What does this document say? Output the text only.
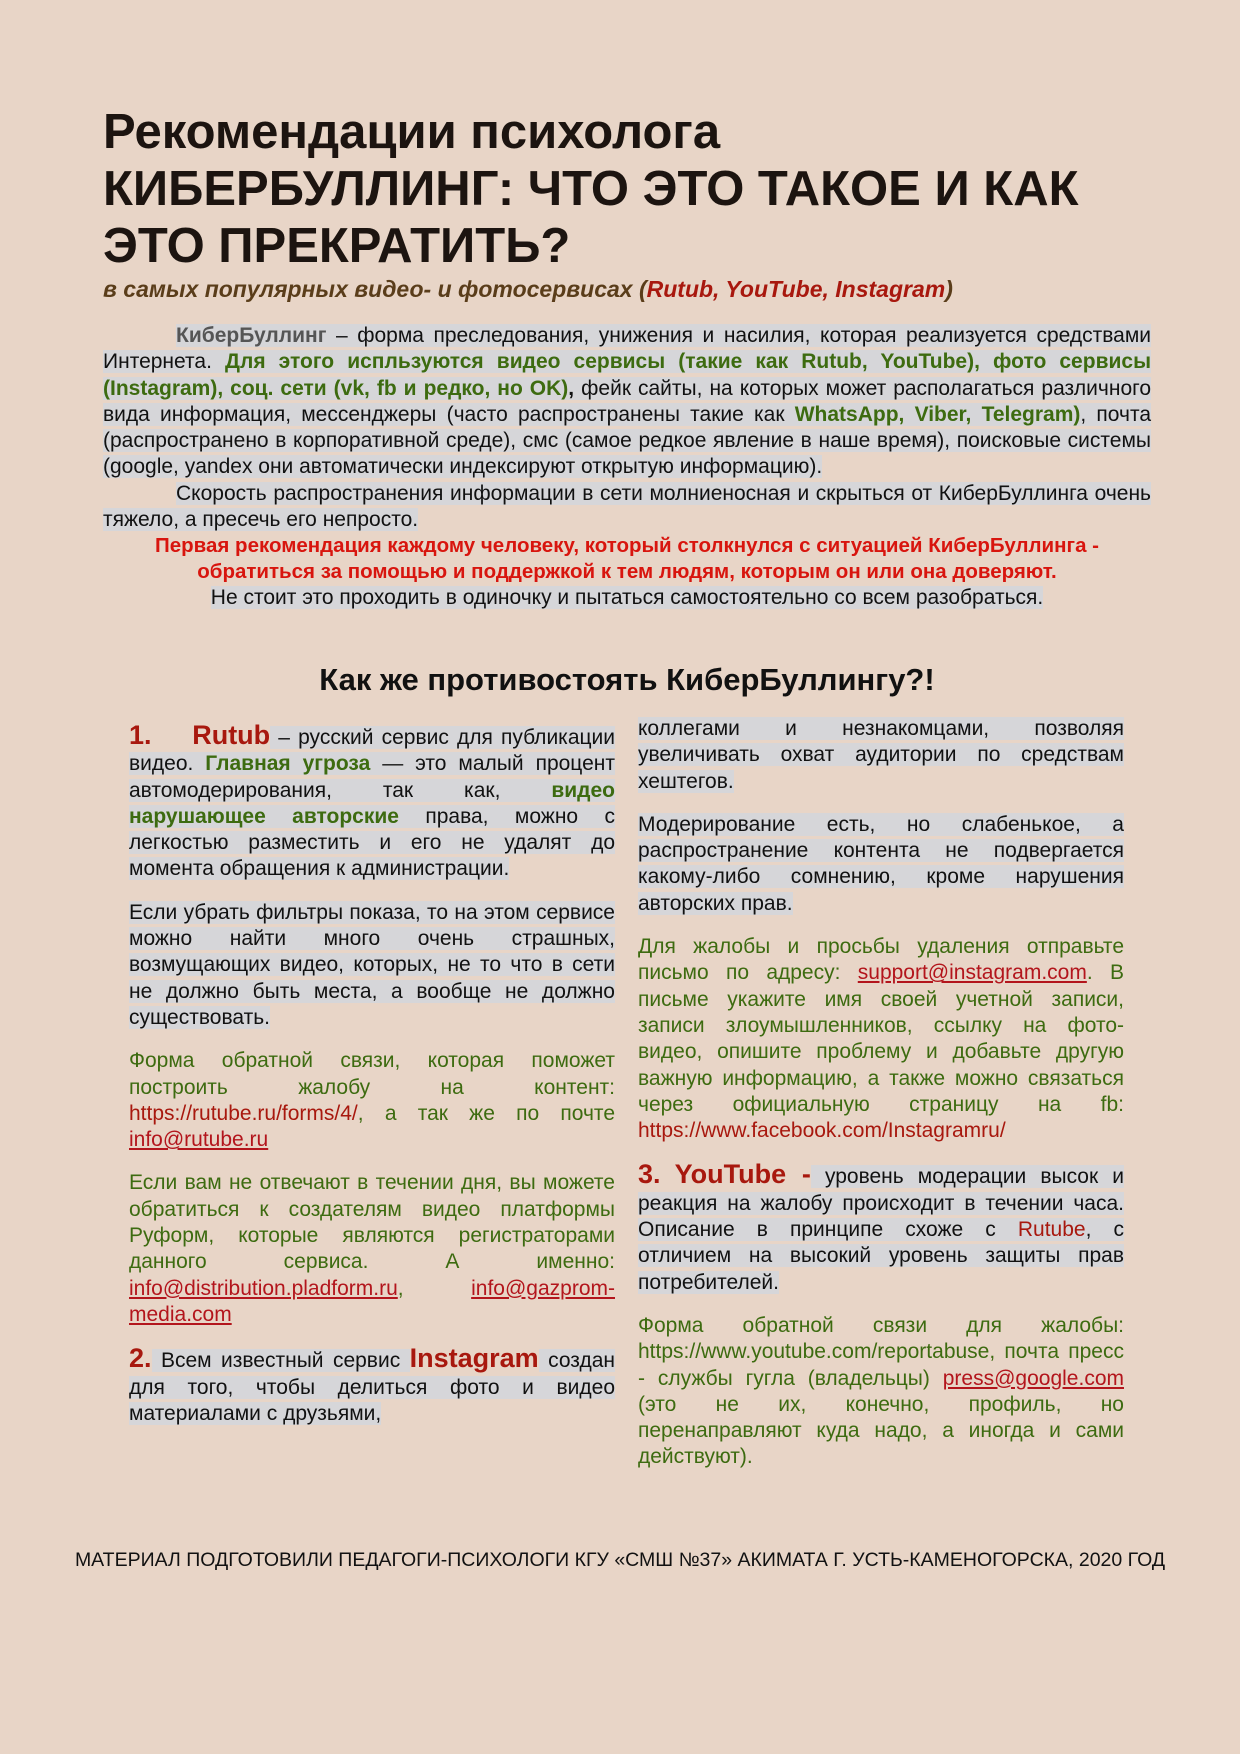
Рекомендации психолога
КИБЕРБУЛЛИНГ: ЧТО ЭТО ТАКОЕ И КАК ЭТО ПРЕКРАТИТЬ?

в самых популярных видео- и фотосервисах (Rutub, YouTube, Instagram)

КиберБуллинг – форма преследования, унижения и насилия, которая реализуется средствами Интернета. Для этого испльзуются видео сервисы (такие как Rutub, YouTube), фото сервисы (Instagram), соц. сети (vk, fb и редко, но OK), фейк сайты, на которых может располагаться различного вида информация, мессенджеры (часто распространены такие как WhatsApp, Viber, Telegram), почта (распространено в корпоративной среде), смс (самое редкое явление в наше время), поисковые системы (google, yandex они автоматически индексируют открытую информацию).

Скорость распространения информации в сети молниеносная и скрыться от КиберБуллинга очень тяжело, а пресечь его непросто.

Первая рекомендация каждому человеку, который столкнулся с ситуацией КиберБуллинга - обратиться за помощью и поддержкой к тем людям, которым он или она доверяют.

Не стоит это проходить в одиночку и пытаться самостоятельно со всем разобраться.

Как же противостоять КиберБуллингу?!

1. Rutub – русский сервис для публикации видео. Главная угроза — это малый процент автомодерирования, так как, видео нарушающее авторские права, можно с легкостью разместить и его не удалят до момента обращения к администрации.

Если убрать фильтры показа, то на этом сервисе можно найти много очень страшных, возмущающих видео, которых, не то что в сети не должно быть места, а вообще не должно существовать.

Форма обратной связи, которая поможет построить жалобу на контент: https://rutube.ru/forms/4/, а так же по почте info@rutube.ru

Если вам не отвечают в течении дня, вы можете обратиться к создателям видео платформы Руформ, которые являются регистраторами данного сервиса. А именно: info@distribution.pladform.ru, info@gazprom-media.com

2. Всем известный сервис Instagram создан для того, чтобы делиться фото и видео материалами с друзьями,

коллегами и незнакомцами, позволяя увеличивать охват аудитории по средствам хештегов.

Модерирование есть, но слабенькое, а распространение контента не подвергается какому-либо сомнению, кроме нарушения авторских прав.

Для жалобы и просьбы удаления отправьте письмо по адресу: support@instagram.com. В письме укажите имя своей учетной записи, записи злоумышленников, ссылку на фото-видео, опишите проблему и добавьте другую важную информацию, а также можно связаться через официальную страницу на fb: https://www.facebook.com/Instagramru/

3. YouTube - уровень модерации высок и реакция на жалобу происходит в течении часа. Описание в принципе схоже с Rutube, с отличием на высокий уровень защиты прав потребителей.

Форма обратной связи для жалобы: https://www.youtube.com/reportabuse, почта пресс - службы гугла (владельцы) press@google.com (это не их, конечно, профиль, но перенаправляют куда надо, а иногда и сами действуют).

МАТЕРИАЛ ПОДГОТОВИЛИ ПЕДАГОГИ-ПСИХОЛОГИ КГУ «СМШ №37» АКИМАТА Г. УСТЬ-КАМЕНОГОРСКА, 2020 ГОД
